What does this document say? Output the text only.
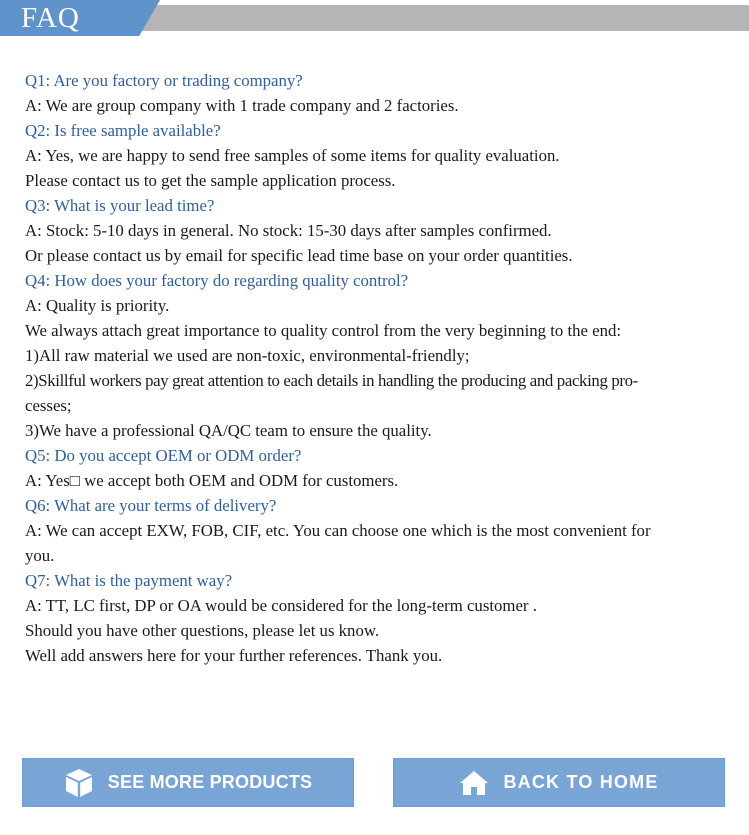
FAQ
Q1: Are you factory or trading company?
A: We are group company with 1 trade company and 2 factories.
Q2: Is free sample available?
A: Yes, we are happy to send free samples of some items for quality evaluation.
Please contact us to get the sample application process.
Q3: What is your lead time?
A: Stock: 5-10 days in general. No stock: 15-30 days after samples confirmed.
Or please contact us by email for specific lead time base on your order quantities.
Q4: How does your factory do regarding quality control?
A: Quality is priority.
We always attach great importance to quality control from the very beginning to the end:
1)All raw material we used are non-toxic, environmental-friendly;
2)Skillful workers pay great attention to each details in handling the producing and packing pro-
cesses;
3)We have a professional QA/QC team to ensure the quality.
Q5: Do you accept OEM or ODM order?
A: Yes□ we accept both OEM and ODM for customers.
Q6: What are your terms of delivery?
A: We can accept EXW, FOB, CIF, etc. You can choose one which is the most convenient for
you.
Q7: What is the payment way?
A: TT, LC first, DP or OA would be considered for the long-term customer .
Should you have other questions, please let us know.
Well add answers here for your further references. Thank you.
SEE MORE PRODUCTS	BACK TO HOME
